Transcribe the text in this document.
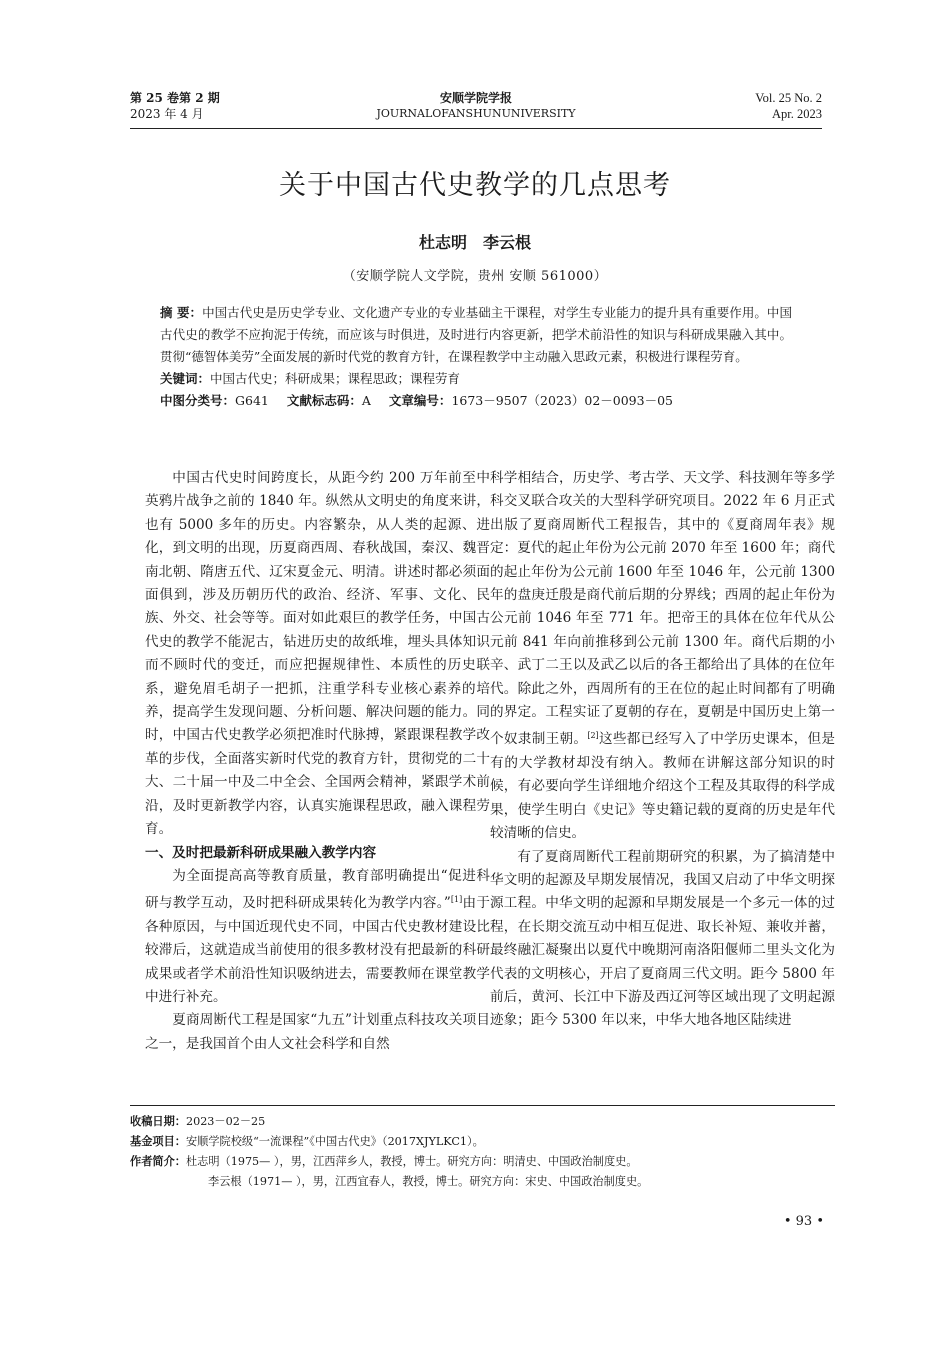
第 25 卷第 2 期
2023 年 4 月
安顺学院学报
JOURNALOFANSHUNUNIVERSITY
Vol. 25 No. 2
Apr. 2023
关于中国古代史教学的几点思考
杜志明 李云根
（安顺学院人文学院，贵州 安顺 561000）
摘 要：中国古代史是历史学专业、文化遗产专业的专业基础主干课程，对学生专业能力的提升具有重要作用。中国古代史的教学不应拘泥于传统，而应该与时俱进，及时进行内容更新，把学术前沿性的知识与科研成果融入其中。贯彻“德智体美劳”全面发展的新时代党的教育方针，在课程教学中主动融入思政元素，积极进行课程劳育。
关键词：中国古代史；科研成果；课程思政；课程劳育
中图分类号：G641 文献标志码：A 文章编号：1673－9507（2023）02－0093－05

中国古代史时间跨度长，从距今约 200 万年前至中英鸦片战争之前的 1840 年。纵然从文明史的角度来讲，也有 5000 多年的历史。内容繁杂，从人类的起源、进化，到文明的出现，历夏商西周、春秋战国，秦汉、魏晋南北朝、隋唐五代、辽宋夏金元、明清。讲述时都必须面面俱到，涉及历朝历代的政治、经济、军事、文化、民族、外交、社会等等。面对如此艰巨的教学任务，中国古代史的教学不能泥古，钻进历史的故纸堆，埋头具体知识而不顾时代的变迁，而应把握规律性、本质性的历史联系，避免眉毛胡子一把抓，注重学科专业核心素养的培养，提高学生发现问题、分析问题、解决问题的能力。同时，中国古代史教学必须把准时代脉搏，紧跟课程教学改革的步伐，全面落实新时代党的教育方针，贯彻党的二十大、二十届一中及二中全会、全国两会精神，紧跟学术前沿，及时更新教学内容，认真实施课程思政，融入课程劳育。

一、及时把最新科研成果融入教学内容

为全面提高高等教育质量，教育部明确提出“促进科研与教学互动，及时把科研成果转化为教学内容。”[1]由于各种原因，与中国近现代史不同，中国古代史教材建设比较滞后，这就造成当前使用的很多教材没有把最新的科研成果或者学术前沿性知识吸纳进去，需要教师在课堂教学中进行补充。

夏商周断代工程是国家“九五”计划重点科技攻关项目之一，是我国首个由人文社会科学和自然

科学相结合，历史学、考古学、天文学、科技测年等多学科交叉联合攻关的大型科学研究项目。2022 年 6 月正式出版了夏商周断代工程报告，其中的《夏商周年表》规定：夏代的起止年份为公元前 2070 年至 1600 年；商代的起止年份为公元前 1600 年至 1046 年，公元前 1300 年的盘庚迁殷是商代前后期的分界线；西周的起止年份为公元前 1046 年至 771 年。把帝王的具体在位年代从公元前 841 年向前推移到公元前 1300 年。商代后期的小辛、武丁二王以及武乙以后的各王都给出了具体的在位年代。除此之外，西周所有的王在位的起止时间都有了明确的界定。工程实证了夏朝的存在，夏朝是中国历史上第一个奴隶制王朝。[2]这些都已经写入了中学历史课本，但是有的大学教材却没有纳入。教师在讲解这部分知识的时候，有必要向学生详细地介绍这个工程及其取得的科学成果，使学生明白《史记》等史籍记载的夏商的历史是年代较清晰的信史。

有了夏商周断代工程前期研究的积累，为了搞清楚中华文明的起源及早期发展情况，我国又启动了中华文明探源工程。中华文明的起源和早期发展是一个多元一体的过程，在长期交流互动中相互促进、取长补短、兼收并蓄，最终融汇凝聚出以夏代中晚期河南洛阳偃师二里头文化为代表的文明核心，开启了夏商周三代文明。距今 5800 年前后，黄河、长江中下游及西辽河等区域出现了文明起源迹象；距今 5300 年以来，中华大地各地区陆续进

收稿日期：2023－02－25
基金项目：安顺学院校级“一流课程”《中国古代史》（2017XJYLKC1）。
作者简介：杜志明（1975— ），男，江西萍乡人，教授，博士。研究方向：明清史、中国政治制度史。
李云根（1971— ），男，江西宜春人，教授，博士。研究方向：宋史、中国政治制度史。
• 93 •
